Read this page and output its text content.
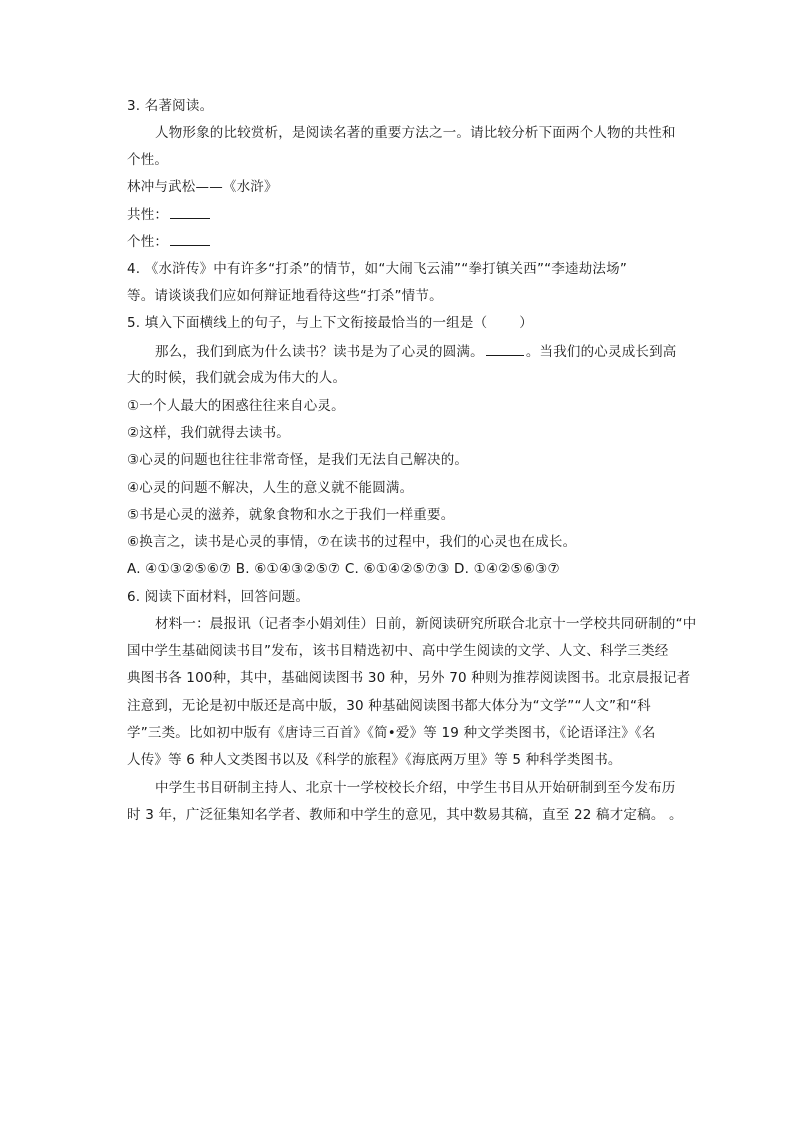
3. 名著阅读。
人物形象的比较赏析，是阅读名著的重要方法之一。请比较分析下面两个人物的共性和
个性。
林冲与武松——《水浒》
共性：
个性：
4. 《水浒传》中有许多“打杀”的情节，如“大闹飞云浦”“拳打镇关西”“李逵劫法场”
等。请谈谈我们应如何辩证地看待这些“打杀”情节。
5. 填入下面横线上的句子，与上下文衔接最恰当的一组是（ ）
那么，我们到底为什么读书？读书是为了心灵的圆满。	。当我们的心灵成长到高
大的时候，我们就会成为伟大的人。
①一个人最大的困惑往往来自心灵。
②这样，我们就得去读书。
③心灵的问题也往往非常奇怪，是我们无法自己解决的。
④心灵的问题不解决，人生的意义就不能圆满。
⑤书是心灵的滋养，就象食物和水之于我们一样重要。
⑥换言之，读书是心灵的事情，⑦在读书的过程中，我们的心灵也在成长。
A. ④①③②⑤⑥⑦ B. ⑥①④③②⑤⑦ C. ⑥①④②⑤⑦③ D. ①④②⑤⑥③⑦
6. 阅读下面材料，回答问题。
材料一：晨报讯（记者李小娟刘佳）日前，新阅读研究所联合北京十一学校共同研制的“中
国中学生基础阅读书目”发布，该书目精选初中、高中学生阅读的文学、人文、科学三类经
典图书各 100种，其中，基础阅读图书 30 种，另外 70 种则为推荐阅读图书。北京晨报记者
注意到，无论是初中版还是高中版，30 种基础阅读图书都大体分为“文学”“人文”和“科
学”三类。比如初中版有《唐诗三百首》《简•爱》等 19 种文学类图书，《论语译注》《名
人传》等 6 种人文类图书以及《科学的旅程》《海底两万里》等 5 种科学类图书。
中学生书目研制主持人、北京十一学校校长介绍，中学生书目从开始研制到至今发布历
时 3 年，广泛征集知名学者、教师和中学生的意见，其中数易其稿，直至 22 稿才定稿。 。
